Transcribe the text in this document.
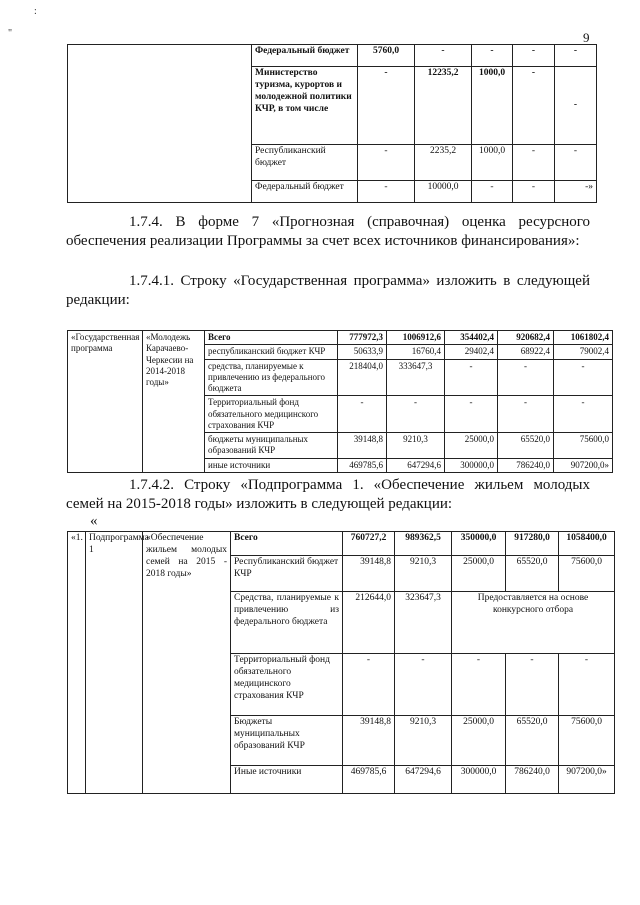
9
:
"
	Федеральный бюджет	5760,0	-	-	-	-
	Министерство туризма, курортов и молодежной политики КЧР, в том числе	-	12235,2	1000,0	-	-
	Республиканский бюджет	-	2235,2	1000,0	-	-
	Федеральный бюджет	-	10000,0	-	-	-»
1.7.4. В форме 7 «Прогнозная (справочная) оценка ресурсного обеспечения реализации Программы за счет всех источников финансирования»:
1.7.4.1. Строку «Государственная программа» изложить в следующей редакции:
«Государственная программа	«Молодежь Карачаево-Черкесии на 2014-2018 годы»	Всего	777972,3	1006912,6	354402,4	920682,4	1061802,4
		республиканский бюджет КЧР	50633,9	16760,4	29402,4	68922,4	79002,4
		средства, планируемые к привлечению из федерального бюджета	218404,0	333647,3	-	-	-
		Территориальный фонд обязательного медицинского страхования КЧР	-	-	-	-	-
		бюджеты муниципальных образований КЧР	39148,8	9210,3	25000,0	65520,0	75600,0
		иные источники	469785,6	647294,6	300000,0	786240,0	907200,0»
1.7.4.2. Строку «Подпрограмма 1. «Обеспечение жильем молодых семей на 2015-2018 годы» изложить в следующей редакции:
«
«1.	Подпрограмма 1	«Обеспечение жильем молодых семей на 2015 - 2018 годы»	Всего	760727,2	989362,5	350000,0	917280,0	1058400,0
			Республиканский бюджет КЧР	39148,8	9210,3	25000,0	65520,0	75600,0
			Средства, планируемые к привлечению из федерального бюджета	212644,0	323647,3	Предоставляется на основе конкурсного отбора		
			Территориальный фонд обязательного медицинского страхования КЧР	-	-	-	-	-
			Бюджеты муниципальных образований КЧР	39148,8	9210,3	25000,0	65520,0	75600,0
			Иные источники	469785,6	647294,6	300000,0	786240,0	907200,0»
